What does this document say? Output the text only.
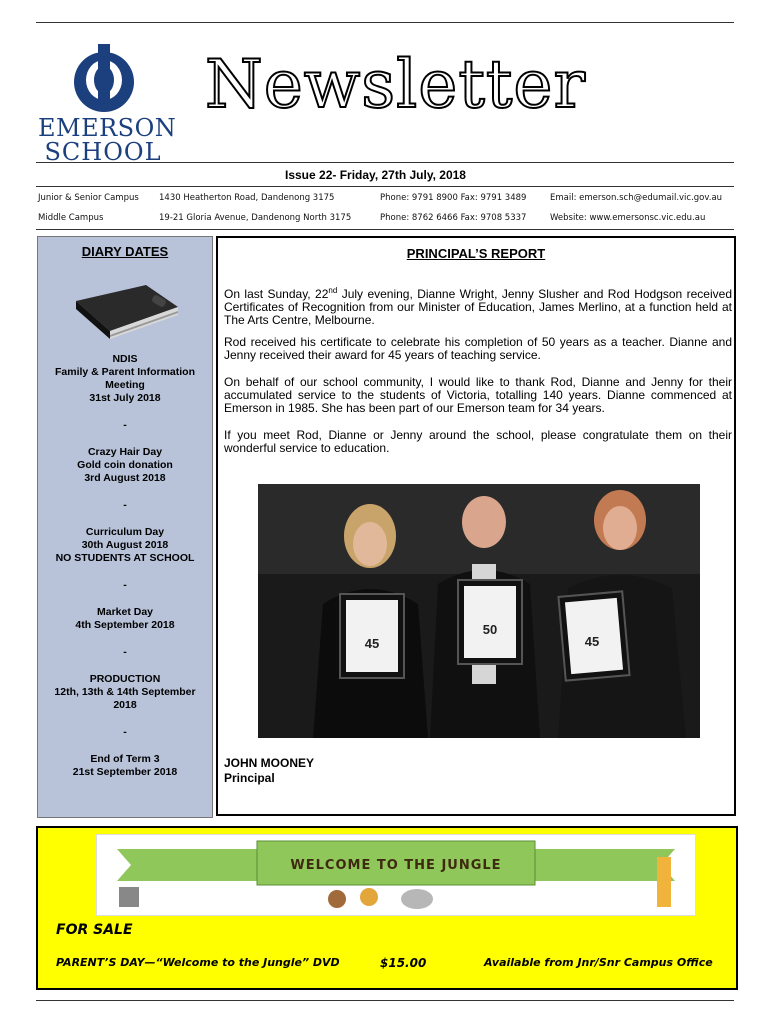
EMERSON
SCHOOL
Newsletter
Issue 22- Friday, 27th July, 2018
Junior & Senior Campus 1430 Heatherton Road, Dandenong 3175	Phone: 9791 8900 Fax: 9791 3489	Email: emerson.sch@edumail.vic.gov.au
Middle Campus	19-21 Gloria Avenue, Dandenong North 3175	Phone: 8762 6466 Fax: 9708 5337	Website: www.emersonsc.vic.edu.au
DIARY DATES
NDIS
Family & Parent Information Meeting
31st July 2018
-
Crazy Hair Day
Gold coin donation
3rd August 2018
-
Curriculum Day
30th August 2018
NO STUDENTS AT SCHOOL
-
Market Day
4th September 2018
-
PRODUCTION
12th, 13th & 14th September 2018
-
End of Term 3
21st September 2018
PRINCIPAL’S REPORT
On last Sunday, 22nd July evening, Dianne Wright, Jenny Slusher and Rod Hodgson received Certificates of Recognition from our Minister of Education, James Merlino, at a function held at The Arts Centre, Melbourne.
Rod received his certificate to celebrate his completion of 50 years as a teacher. Dianne and Jenny received their award for 45 years of teaching service.
On behalf of our school community, I would like to thank Rod, Dianne and Jenny for their accumulated service to the students of Victoria, totalling 140 years. Dianne commenced at Emerson in 1985. She has been part of our Emerson team for 34 years.
If you meet Rod, Dianne or Jenny around the school, please congratulate them on their wonderful service to education.
45
50
45
JOHN MOONEY
Principal
WELCOME TO THE JUNGLE
FOR SALE
PARENT’S DAY—“Welcome to the Jungle” DVD	$15.00	Available from Jnr/Snr Campus Office
